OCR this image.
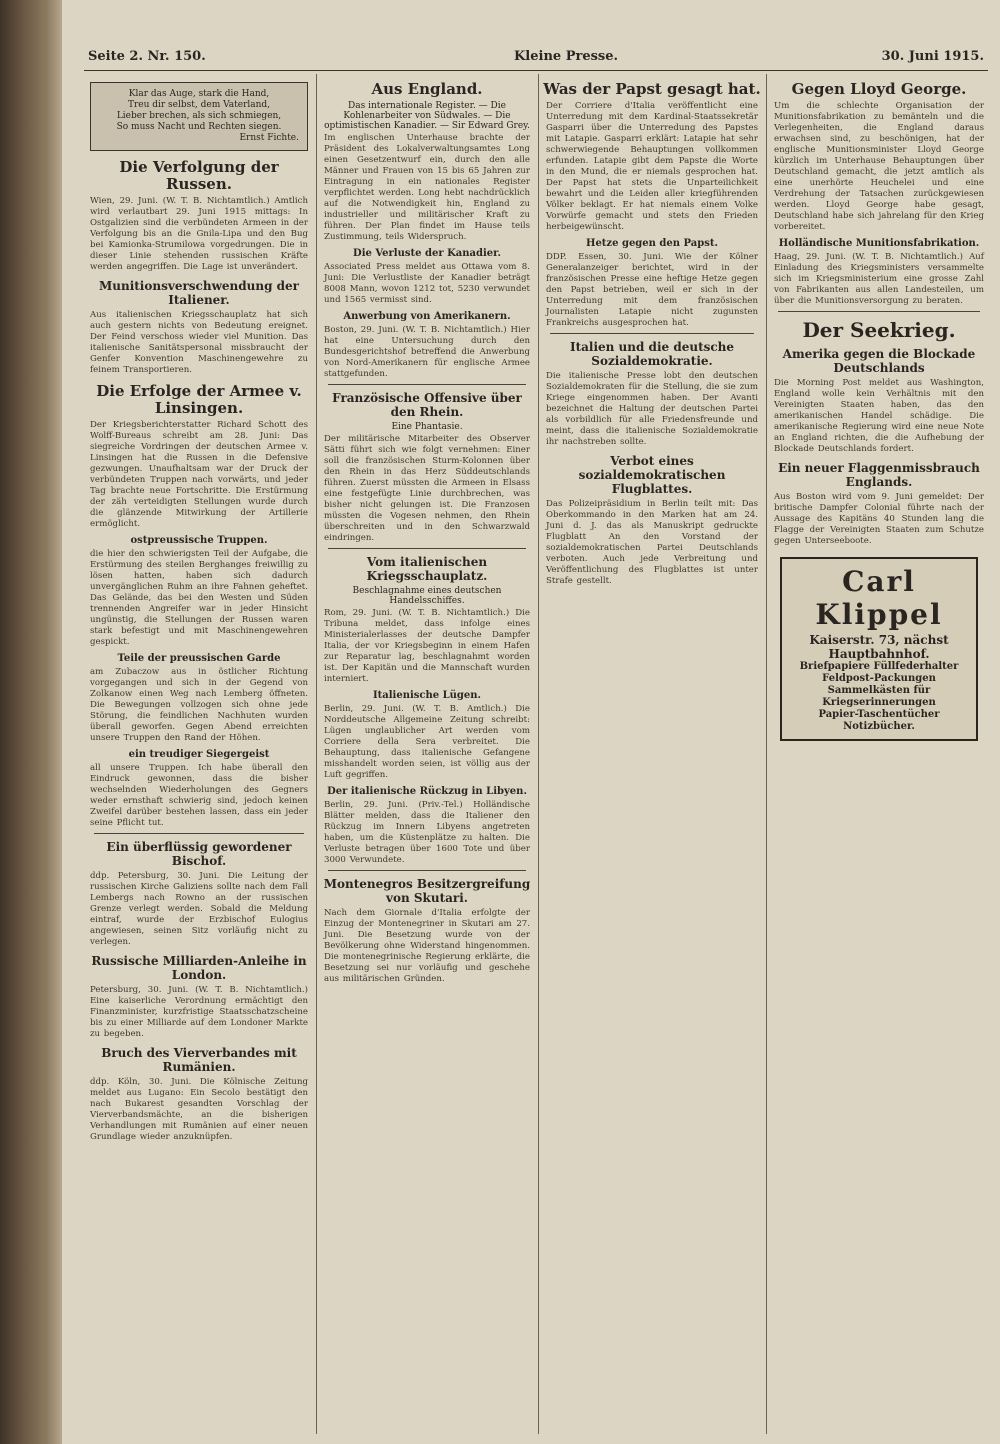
Seite 2. Nr. 150.	Kleine Presse.	30. Juni 1915.
Klar das Auge, stark die Hand,
Treu dir selbst, dem Vaterland,
Lieber brechen, als sich schmiegen,
So muss Nacht und Rechten siegen.
Ernst Fichte.
Die Verfolgung der Russen.
Wien, 29. Juni. (W. T. B. Nichtamtlich.) Amtlich wird verlautbart 29. Juni 1915 mittags: In Ostgalizien sind die verbündeten Armeen in der Verfolgung bis an die Gnila-Lipa und den Bug bei Kamionka-Strumilowa vorgedrungen. Die in dieser Linie stehenden russischen Kräfte werden angegriffen. Die Lage ist unverändert.
Munitionsverschwendung der Italiener.
Aus italienischen Kriegsschauplatz hat sich auch gestern nichts von Bedeutung ereignet. Der Feind verschoss wieder viel Munition. Das italienische Sanitätspersonal missbraucht der Genfer Konvention Maschinengewehre zu feinem Transportieren.
Die Erfolge der Armee v. Linsingen.
Der Kriegsberichterstatter Richard Schott des Wolff-Bureaus schreibt am 28. Juni: Das siegreiche Vordringen der deutschen Armee v. Linsingen hat die Russen in die Defensive gezwungen. Unaufhaltsam war der Druck der verbündeten Truppen nach vorwärts, und jeder Tag brachte neue Fortschritte. Die Erstürmung der zäh verteidigten Stellungen wurde durch die glänzende Mitwirkung der Artillerie ermöglicht.
ostpreussische Truppen.
die hier den schwierigsten Teil der Aufgabe, die Erstürmung des steilen Berghanges freiwillig zu lösen hatten, haben sich dadurch unvergänglichen Ruhm an ihre Fahnen geheftet. Das Gelände, das bei den Westen und Süden trennenden Angreifer war in jeder Hinsicht ungünstig, die Stellungen der Russen waren stark befestigt und mit Maschinengewehren gespickt.
Teile der preussischen Garde
am Zubaczow aus in östlicher Richtung vorgegangen und sich in der Gegend von Zolkanow einen Weg nach Lemberg öffneten. Die Bewegungen vollzogen sich ohne jede Störung, die feindlichen Nachhuten wurden überall geworfen. Gegen Abend erreichten unsere Truppen den Rand der Höhen.
ein treudiger Siegergeist
all unsere Truppen. Ich habe überall den Eindruck gewonnen, dass die bisher wechselnden Wiederholungen des Gegners weder ernsthaft schwierig sind, jedoch keinen Zweifel darüber bestehen lassen, dass ein jeder seine Pflicht tut.
Ein überflüssig gewordener Bischof.
ddp. Petersburg, 30. Juni. Die Leitung der russischen Kirche Galiziens sollte nach dem Fall Lembergs nach Rowno an der russischen Grenze verlegt werden. Sobald die Meldung eintraf, wurde der Erzbischof Eulogius angewiesen, seinen Sitz vorläufig nicht zu verlegen.
Russische Milliarden-Anleihe in London.
Petersburg, 30. Juni. (W. T. B. Nichtamtlich.) Eine kaiserliche Verordnung ermächtigt den Finanzminister, kurzfristige Staatsschatzscheine bis zu einer Milliarde auf dem Londoner Markte zu begeben.
Bruch des Vierverbandes mit Rumänien.
ddp. Köln, 30. Juni. Die Kölnische Zeitung meldet aus Lugano: Ein Secolo bestätigt den nach Bukarest gesandten Vorschlag der Vierverbandsmächte, an die bisherigen Verhandlungen mit Rumänien auf einer neuen Grundlage wieder anzuknüpfen.
Aus England.
Das internationale Register. — Die Kohlenarbeiter von Südwales. — Die optimistischen Kanadier. — Sir Edward Grey.
Im englischen Unterhause brachte der Präsident des Lokalverwaltungsamtes Long einen Gesetzentwurf ein, durch den alle Männer und Frauen von 15 bis 65 Jahren zur Eintragung in ein nationales Register verpflichtet werden. Long hebt nachdrücklich auf die Notwendigkeit hin, England zu industrieller und militärischer Kraft zu führen. Der Plan findet im Hause teils Zustimmung, teils Widerspruch.
Die Verluste der Kanadier.
Associated Press meldet aus Ottawa vom 8. Juni: Die Verlustliste der Kanadier beträgt 8008 Mann, wovon 1212 tot, 5230 verwundet und 1565 vermisst sind.
Anwerbung von Amerikanern.
Boston, 29. Juni. (W. T. B. Nichtamtlich.) Hier hat eine Untersuchung durch den Bundesgerichtshof betreffend die Anwerbung von Nord-Amerikanern für englische Armee stattgefunden.
Französische Offensive über den Rhein.
Eine Phantasie.
Der militärische Mitarbeiter des Observer Sätti führt sich wie folgt vernehmen: Einer soll die französischen Sturm-Kolonnen über den Rhein in das Herz Süddeutschlands führen. Zuerst müssten die Armeen in Elsass eine festgefügte Linie durchbrechen, was bisher nicht gelungen ist. Die Franzosen müssten die Vogesen nehmen, den Rhein überschreiten und in den Schwarzwald eindringen.
Vom italienischen Kriegsschauplatz.
Beschlagnahme eines deutschen Handelsschiffes.
Rom, 29. Juni. (W. T. B. Nichtamtlich.) Die Tribuna meldet, dass infolge eines Ministerialerlasses der deutsche Dampfer Italia, der vor Kriegsbeginn in einem Hafen zur Reparatur lag, beschlagnahmt worden ist. Der Kapitän und die Mannschaft wurden interniert.
Italienische Lügen.
Berlin, 29. Juni. (W. T. B. Amtlich.) Die Norddeutsche Allgemeine Zeitung schreibt: Lügen unglaublicher Art werden vom Corriere della Sera verbreitet. Die Behauptung, dass italienische Gefangene misshandelt worden seien, ist völlig aus der Luft gegriffen.
Der italienische Rückzug in Libyen.
Berlin, 29. Juni. (Priv.-Tel.) Holländische Blätter melden, dass die Italiener den Rückzug im Innern Libyens angetreten haben, um die Küstenplätze zu halten. Die Verluste betragen über 1600 Tote und über 3000 Verwundete.
Montenegros Besitzergreifung von Skutari.
Nach dem Giornale d'Italia erfolgte der Einzug der Montenegriner in Skutari am 27. Juni. Die Besetzung wurde von der Bevölkerung ohne Widerstand hingenommen. Die montenegrinische Regierung erklärte, die Besetzung sei nur vorläufig und geschehe aus militärischen Gründen.
Was der Papst gesagt hat.
Der Corriere d'Italia veröffentlicht eine Unterredung mit dem Kardinal-Staatssekretär Gasparri über die Unterredung des Papstes mit Latapie. Gasparri erklärt: Latapie hat sehr schwerwiegende Behauptungen vollkommen erfunden. Latapie gibt dem Papste die Worte in den Mund, die er niemals gesprochen hat. Der Papst hat stets die Unparteilichkeit bewahrt und die Leiden aller kriegführenden Völker beklagt. Er hat niemals einem Volke Vorwürfe gemacht und stets den Frieden herbeigewünscht.
Hetze gegen den Papst.
DDP. Essen, 30. Juni. Wie der Kölner Generalanzeiger berichtet, wird in der französischen Presse eine heftige Hetze gegen den Papst betrieben, weil er sich in der Unterredung mit dem französischen Journalisten Latapie nicht zugunsten Frankreichs ausgesprochen hat.
Italien und die deutsche Sozialdemokratie.
Die italienische Presse lobt den deutschen Sozialdemokraten für die Stellung, die sie zum Kriege eingenommen haben. Der Avanti bezeichnet die Haltung der deutschen Partei als vorbildlich für alle Friedensfreunde und meint, dass die italienische Sozialdemokratie ihr nachstreben sollte.
Verbot eines sozialdemokratischen Flugblattes.
Das Polizeipräsidium in Berlin teilt mit: Das Oberkommando in den Marken hat am 24. Juni d. J. das als Manuskript gedruckte Flugblatt An den Vorstand der sozialdemokratischen Partei Deutschlands verboten. Auch jede Verbreitung und Veröffentlichung des Flugblattes ist unter Strafe gestellt.
Gegen Lloyd George.
Um die schlechte Organisation der Munitionsfabrikation zu bemänteln und die Verlegenheiten, die England daraus erwachsen sind, zu beschönigen, hat der englische Munitionsminister Lloyd George kürzlich im Unterhause Behauptungen über Deutschland gemacht, die jetzt amtlich als eine unerhörte Heuchelei und eine Verdrehung der Tatsachen zurückgewiesen werden. Lloyd George habe gesagt, Deutschland habe sich jahrelang für den Krieg vorbereitet.
Holländische Munitionsfabrikation.
Haag, 29. Juni. (W. T. B. Nichtamtlich.) Auf Einladung des Kriegsministers versammelte sich im Kriegsministerium eine grosse Zahl von Fabrikanten aus allen Landesteilen, um über die Munitionsversorgung zu beraten.
Der Seekrieg.
Amerika gegen die Blockade Deutschlands
Die Morning Post meldet aus Washington, England wolle kein Verhältnis mit den Vereinigten Staaten haben, das den amerikanischen Handel schädige. Die amerikanische Regierung wird eine neue Note an England richten, die die Aufhebung der Blockade Deutschlands fordert.
Ein neuer Flaggenmissbrauch Englands.
Aus Boston wird vom 9. Juni gemeldet: Der britische Dampfer Colonial führte nach der Aussage des Kapitäns 40 Stunden lang die Flagge der Vereinigten Staaten zum Schutze gegen Unterseeboote.
Carl Klippel
Kaiserstr. 73, nächst Hauptbahnhof.
Briefpapiere Füllfederhalter
Feldpost-Packungen
Sammelkästen für Kriegserinnerungen
Papier-Taschentücher Notizbücher.
